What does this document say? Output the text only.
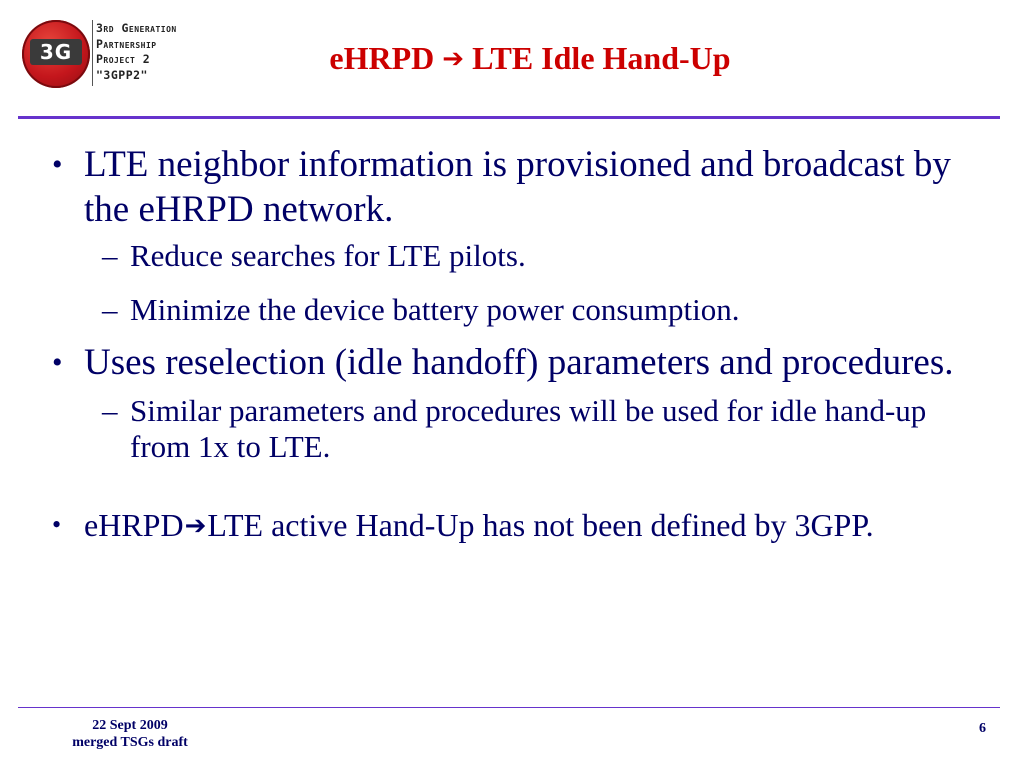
3G
3rd Generation
Partnership
Project 2
"3GPP2"	eHRPD ➔ LTE Idle Hand-Up
• LTE neighbor information is provisioned and broadcast by the eHRPD network.
– Reduce searches for LTE pilots.
– Minimize the device battery power consumption.
• Uses reselection (idle handoff) parameters and procedures.
– Similar parameters and procedures will be used for idle hand-up from 1x to LTE.
• eHRPD➔LTE active Hand-Up has not been defined by 3GPP.
22 Sept 2009
merged TSGs draft
6
